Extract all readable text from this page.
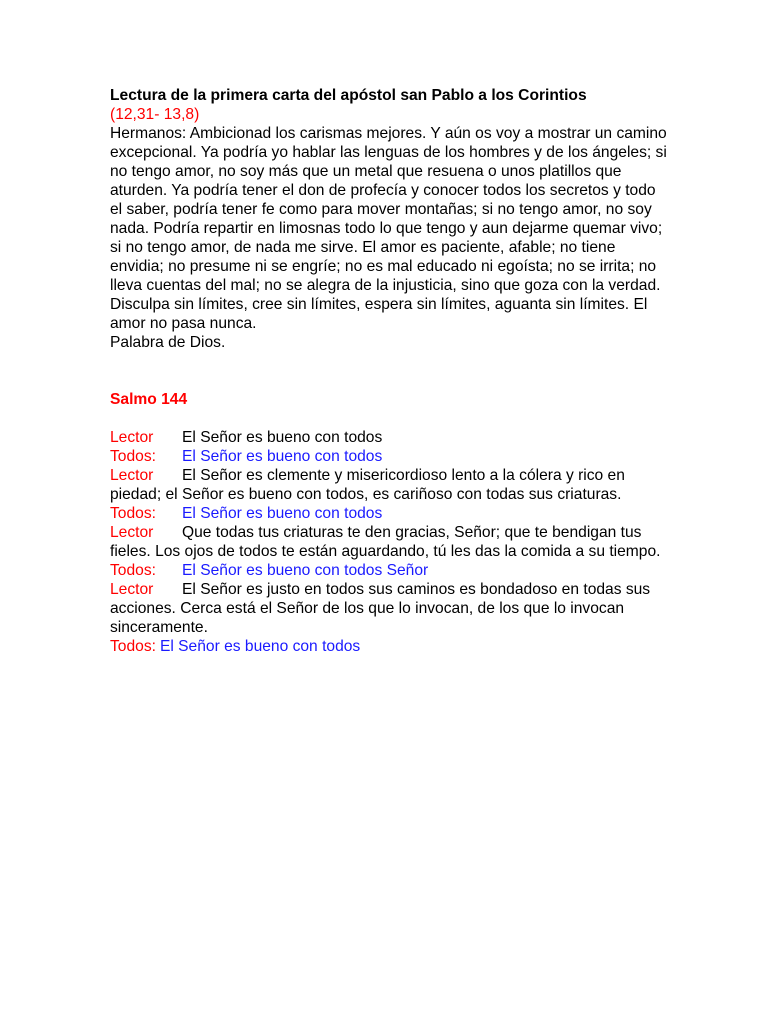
Lectura de la primera carta del apóstol san Pablo a los Corintios
(12,31- 13,8)

Hermanos: Ambicionad los carismas mejores. Y aún os voy a mostrar un camino excepcional. Ya podría yo hablar las lenguas de los hombres y de los ángeles; si no tengo amor, no soy más que un metal que resuena o unos platillos que aturden. Ya podría tener el don de profecía y conocer todos los secretos y todo el saber, podría tener fe como para mover montañas; si no tengo amor, no soy nada. Podría repartir en limosnas todo lo que tengo y aun dejarme quemar vivo; si no tengo amor, de nada me sirve. El amor es paciente, afable; no tiene envidia; no presume ni se engríe; no es mal educado ni egoísta; no se irrita; no lleva cuentas del mal; no se alegra de la injusticia, sino que goza con la verdad. Disculpa sin límites, cree sin límites, espera sin límites, aguanta sin límites. El amor no pasa nunca.

Palabra de Dios.
Salmo 144
Lector El Señor es bueno con todos
Todos: El Señor es bueno con todos
Lector El Señor es clemente y misericordioso lento a la cólera y rico en piedad; el Señor es bueno con todos, es cariñoso con todas sus criaturas.
Todos: El Señor es bueno con todos
Lector Que todas tus criaturas te den gracias, Señor; que te bendigan tus fieles. Los ojos de todos te están aguardando, tú les das la comida a su tiempo.
Todos: El Señor es bueno con todos Señor
Lector El Señor es justo en todos sus caminos es bondadoso en todas sus acciones. Cerca está el Señor de los que lo invocan, de los que lo invocan sinceramente.
Todos: El Señor es bueno con todos
